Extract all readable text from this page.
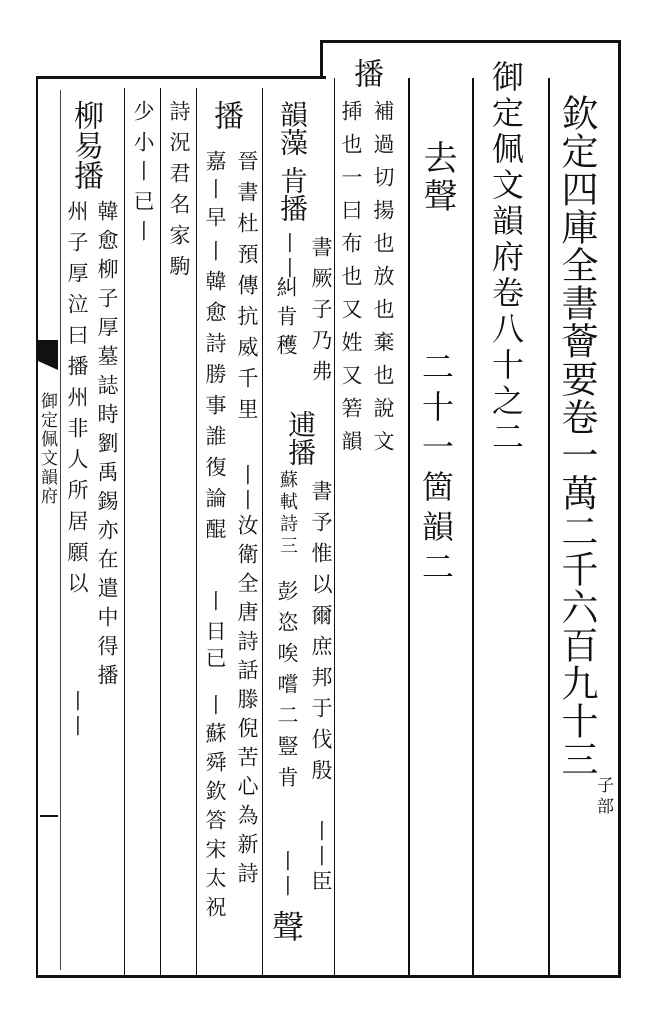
御定佩文韻府	欽定四庫全書薈要卷一萬二千六百九十三
子部
御定佩文韻府卷八十之二
去聲
二十一箇韻二
播
補過切揚也放也棄也說文
揷也一曰布也又姓又箬韻
韻藻
肯播
書厥子乃弗
丨丨
糾肯穫
逋播
書予惟以爾庶邦于伐殷
丨丨
臣
蘇軾詩三
彭恣唉嚐二豎肯
丨丨
聲
播
晉書杜預傳抗威千里
丨丨
汝衛全唐詩話滕倪苦心為新詩
嘉
丨
早
丨
韓愈詩勝事誰復論醌
丨
日已
丨
蘇舜欽答宋太祝
詩況君名家駒
少小
丨
已
丨
柳易播
韓愈柳子厚墓誌時劉禹錫亦在遣中得播
州子厚泣曰播州非人所居願以
丨丨
